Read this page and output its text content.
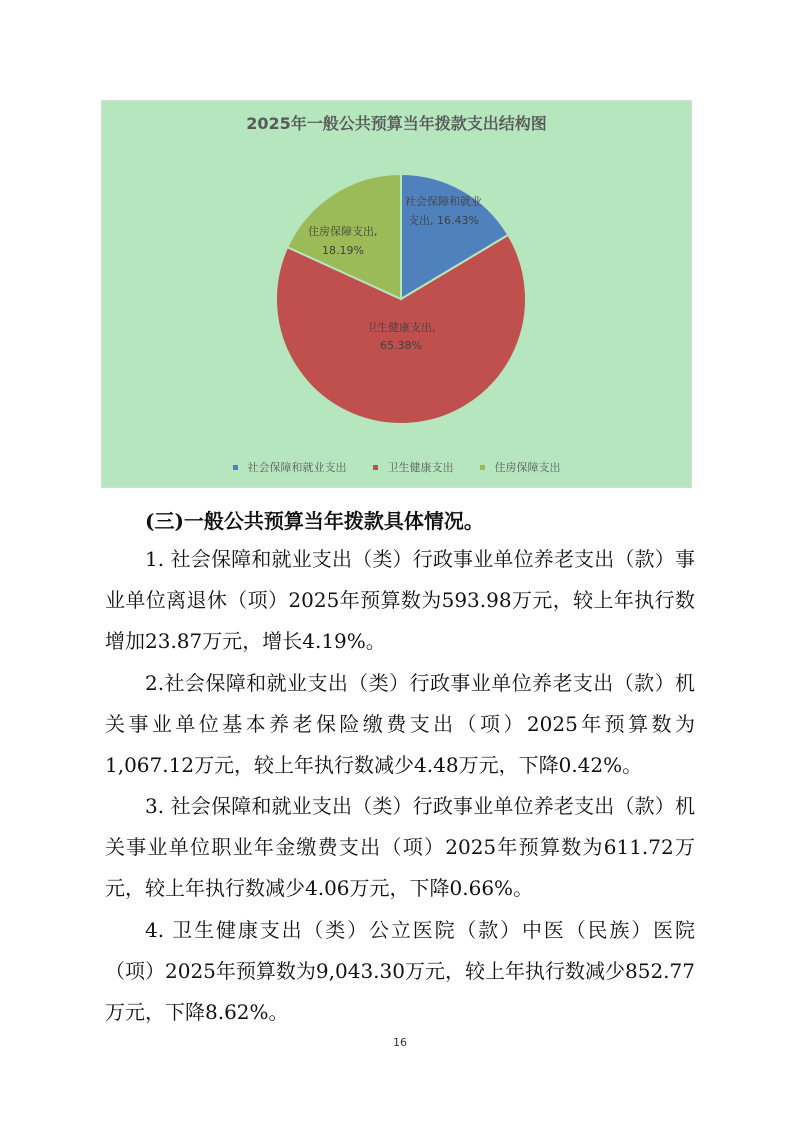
2025年一般公共预算当年拨款支出结构图
社会保障和就业
支出, 16.43%
住房保障支出,
18.19%
卫生健康支出,
65.38%
社会保障和就业支出	卫生健康支出	住房保障支出
(三)一般公共预算当年拨款具体情况。
1. 社会保障和就业支出（类）行政事业单位养老支出（款）事业单位离退休（项）2025年预算数为593.98万元，较上年执行数增加23.87万元，增长4.19%。
2.社会保障和就业支出（类）行政事业单位养老支出（款）机关事业单位基本养老保险缴费支出（项）2025年预算数为1,067.12万元，较上年执行数减少4.48万元，下降0.42%。
3. 社会保障和就业支出（类）行政事业单位养老支出（款）机关事业单位职业年金缴费支出（项）2025年预算数为611.72万元，较上年执行数减少4.06万元，下降0.66%。
4. 卫生健康支出（类）公立医院（款）中医（民族）医院（项）2025年预算数为9,043.30万元，较上年执行数减少852.77万元，下降8.62%。
16
